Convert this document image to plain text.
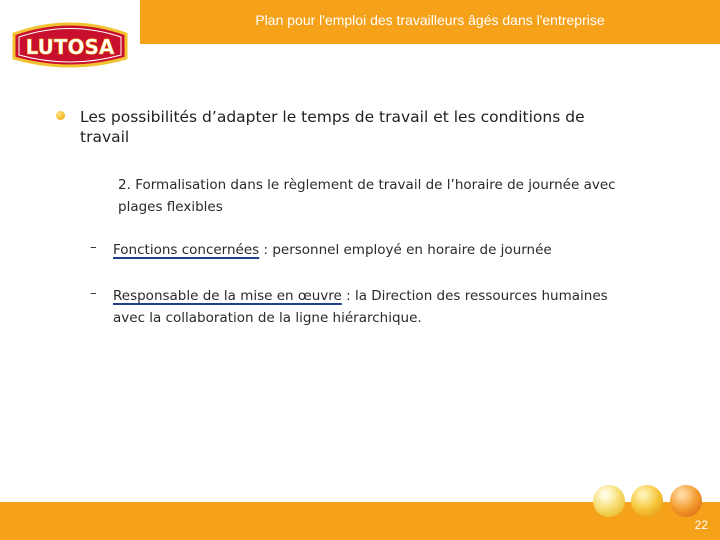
Plan pour l'emploi des travailleurs âgés dans l'entreprise
LUTOSA
Les possibilités d’adapter le temps de travail et les conditions de travail
2. Formalisation dans le règlement de travail de l’horaire de journée avec plages flexibles
– Fonctions concernées : personnel employé en horaire de journée
– Responsable de la mise en œuvre : la Direction des ressources humaines avec la collaboration de la ligne hiérarchique.
22
